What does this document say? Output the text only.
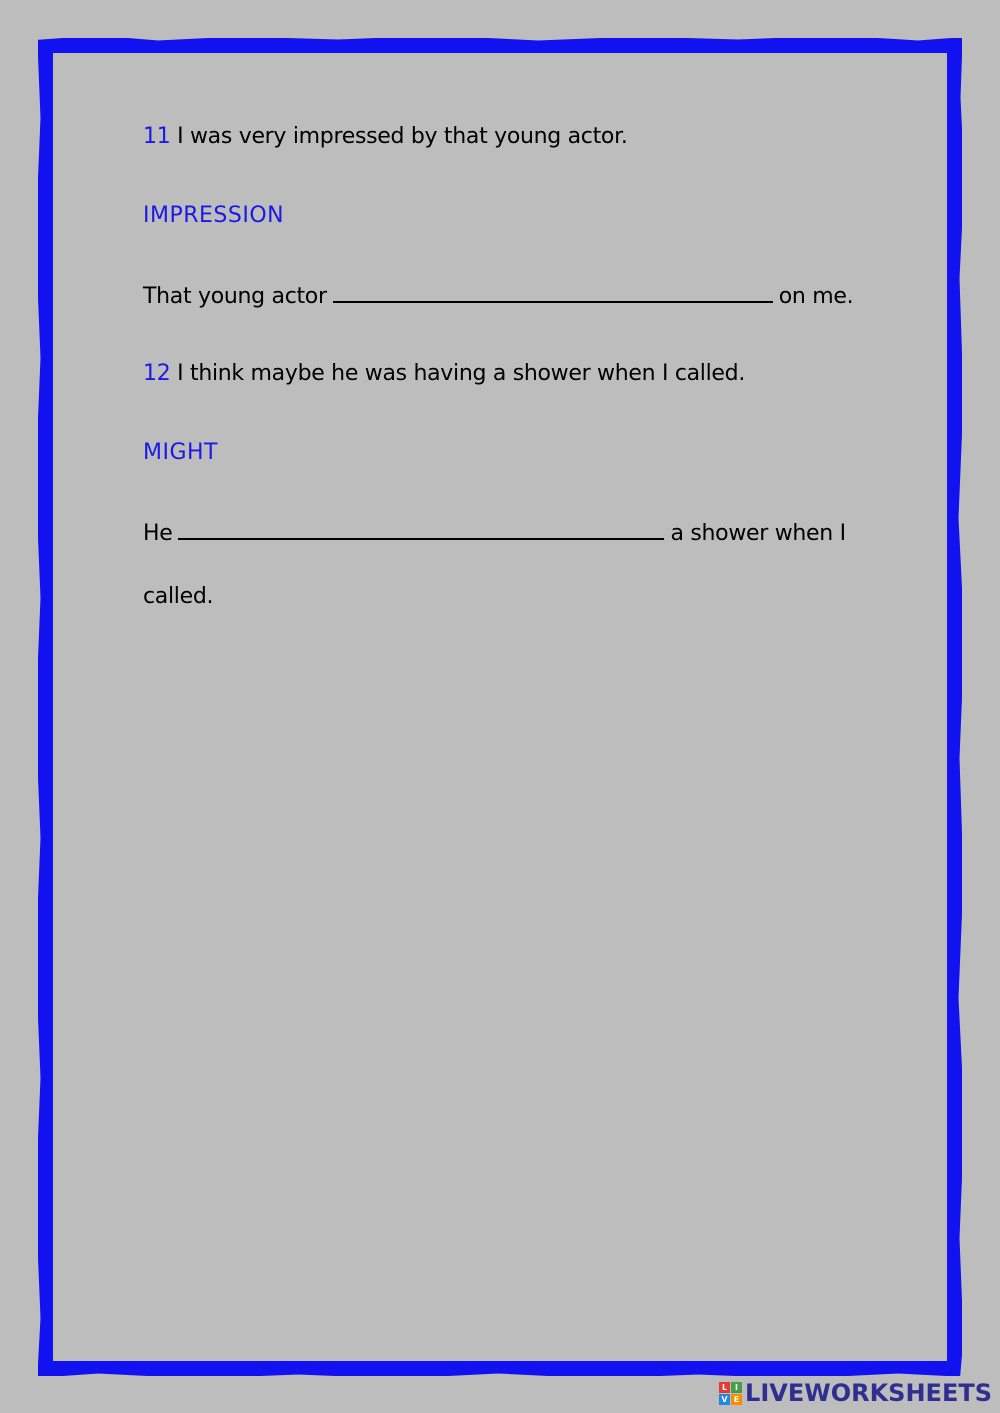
11 I was very impressed by that young actor.
IMPRESSION
That young actor	on me.
12 I think maybe he was having a shower when I called.
MIGHT
He	a shower when I
called.
L I
V E LIVEWORKSHEETS
